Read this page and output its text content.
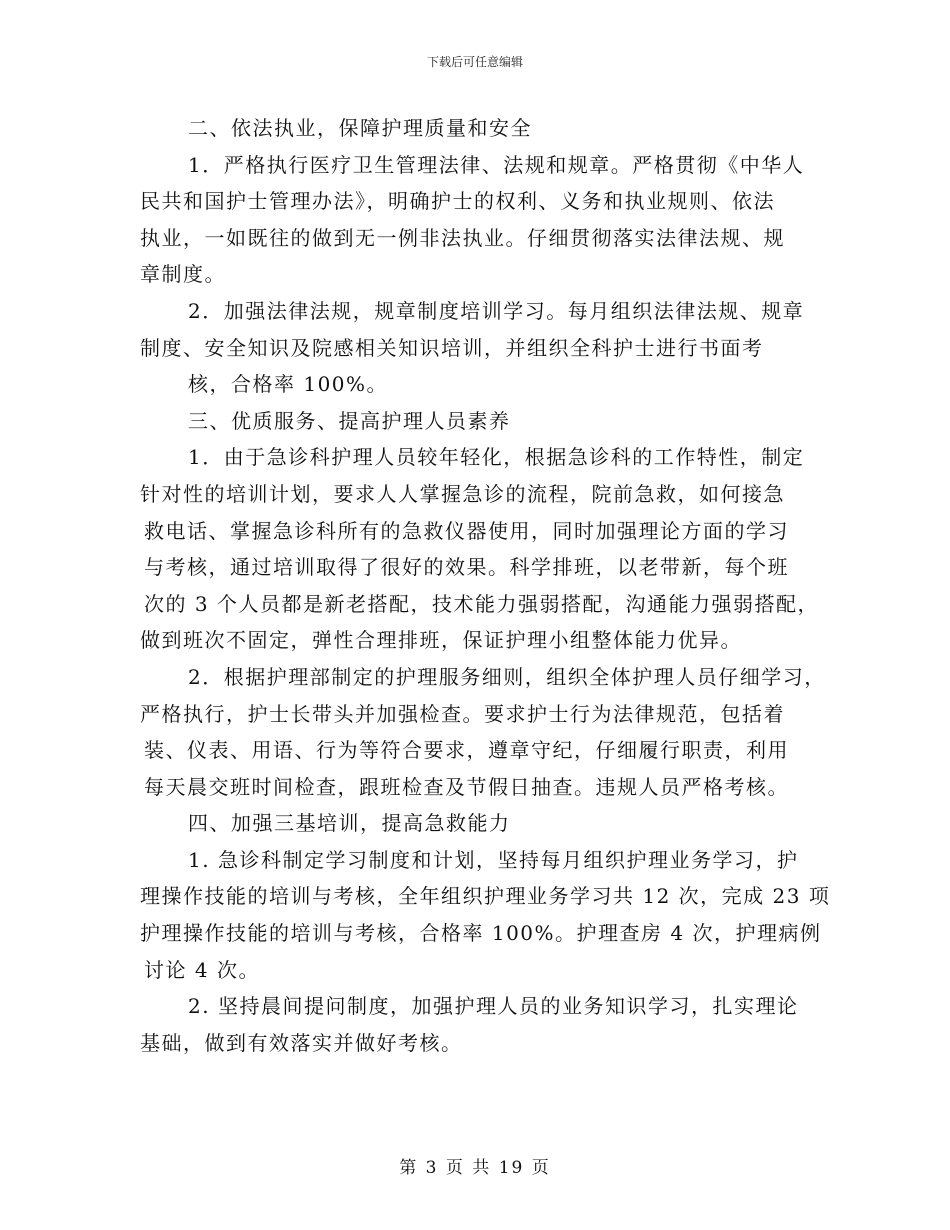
下载后可任意编辑
二、依法执业，保障护理质量和安全
1．严格执行医疗卫生管理法律、法规和规章。严格贯彻《中华人
民共和国护士管理办法》，明确护士的权利、义务和执业规则、依法
执业，一如既往的做到无一例非法执业。仔细贯彻落实法律法规、规
章制度。
2．加强法律法规，规章制度培训学习。每月组织法律法规、规章
制度、安全知识及院感相关知识培训，并组织全科护士进行书面考
核，合格率 100%。
三、优质服务、提高护理人员素养
1．由于急诊科护理人员较年轻化，根据急诊科的工作特性，制定
针对性的培训计划，要求人人掌握急诊的流程，院前急救，如何接急
救电话、掌握急诊科所有的急救仪器使用，同时加强理论方面的学习
与考核，通过培训取得了很好的效果。科学排班，以老带新，每个班
次的 3 个人员都是新老搭配，技术能力强弱搭配，沟通能力强弱搭配，
做到班次不固定，弹性合理排班，保证护理小组整体能力优异。
2．根据护理部制定的护理服务细则，组织全体护理人员仔细学习，
严格执行，护士长带头并加强检查。要求护士行为法律规范，包括着
装、仪表、用语、行为等符合要求，遵章守纪，仔细履行职责，利用
每天晨交班时间检查，跟班检查及节假日抽查。违规人员严格考核。
四、加强三基培训，提高急救能力
1. 急诊科制定学习制度和计划，坚持每月组织护理业务学习，护
理操作技能的培训与考核，全年组织护理业务学习共 12 次，完成 23 项
护理操作技能的培训与考核，合格率 100%。护理查房 4 次，护理病例
讨论 4 次。
2. 坚持晨间提问制度，加强护理人员的业务知识学习，扎实理论
基础，做到有效落实并做好考核。
第 3 页 共 19 页
